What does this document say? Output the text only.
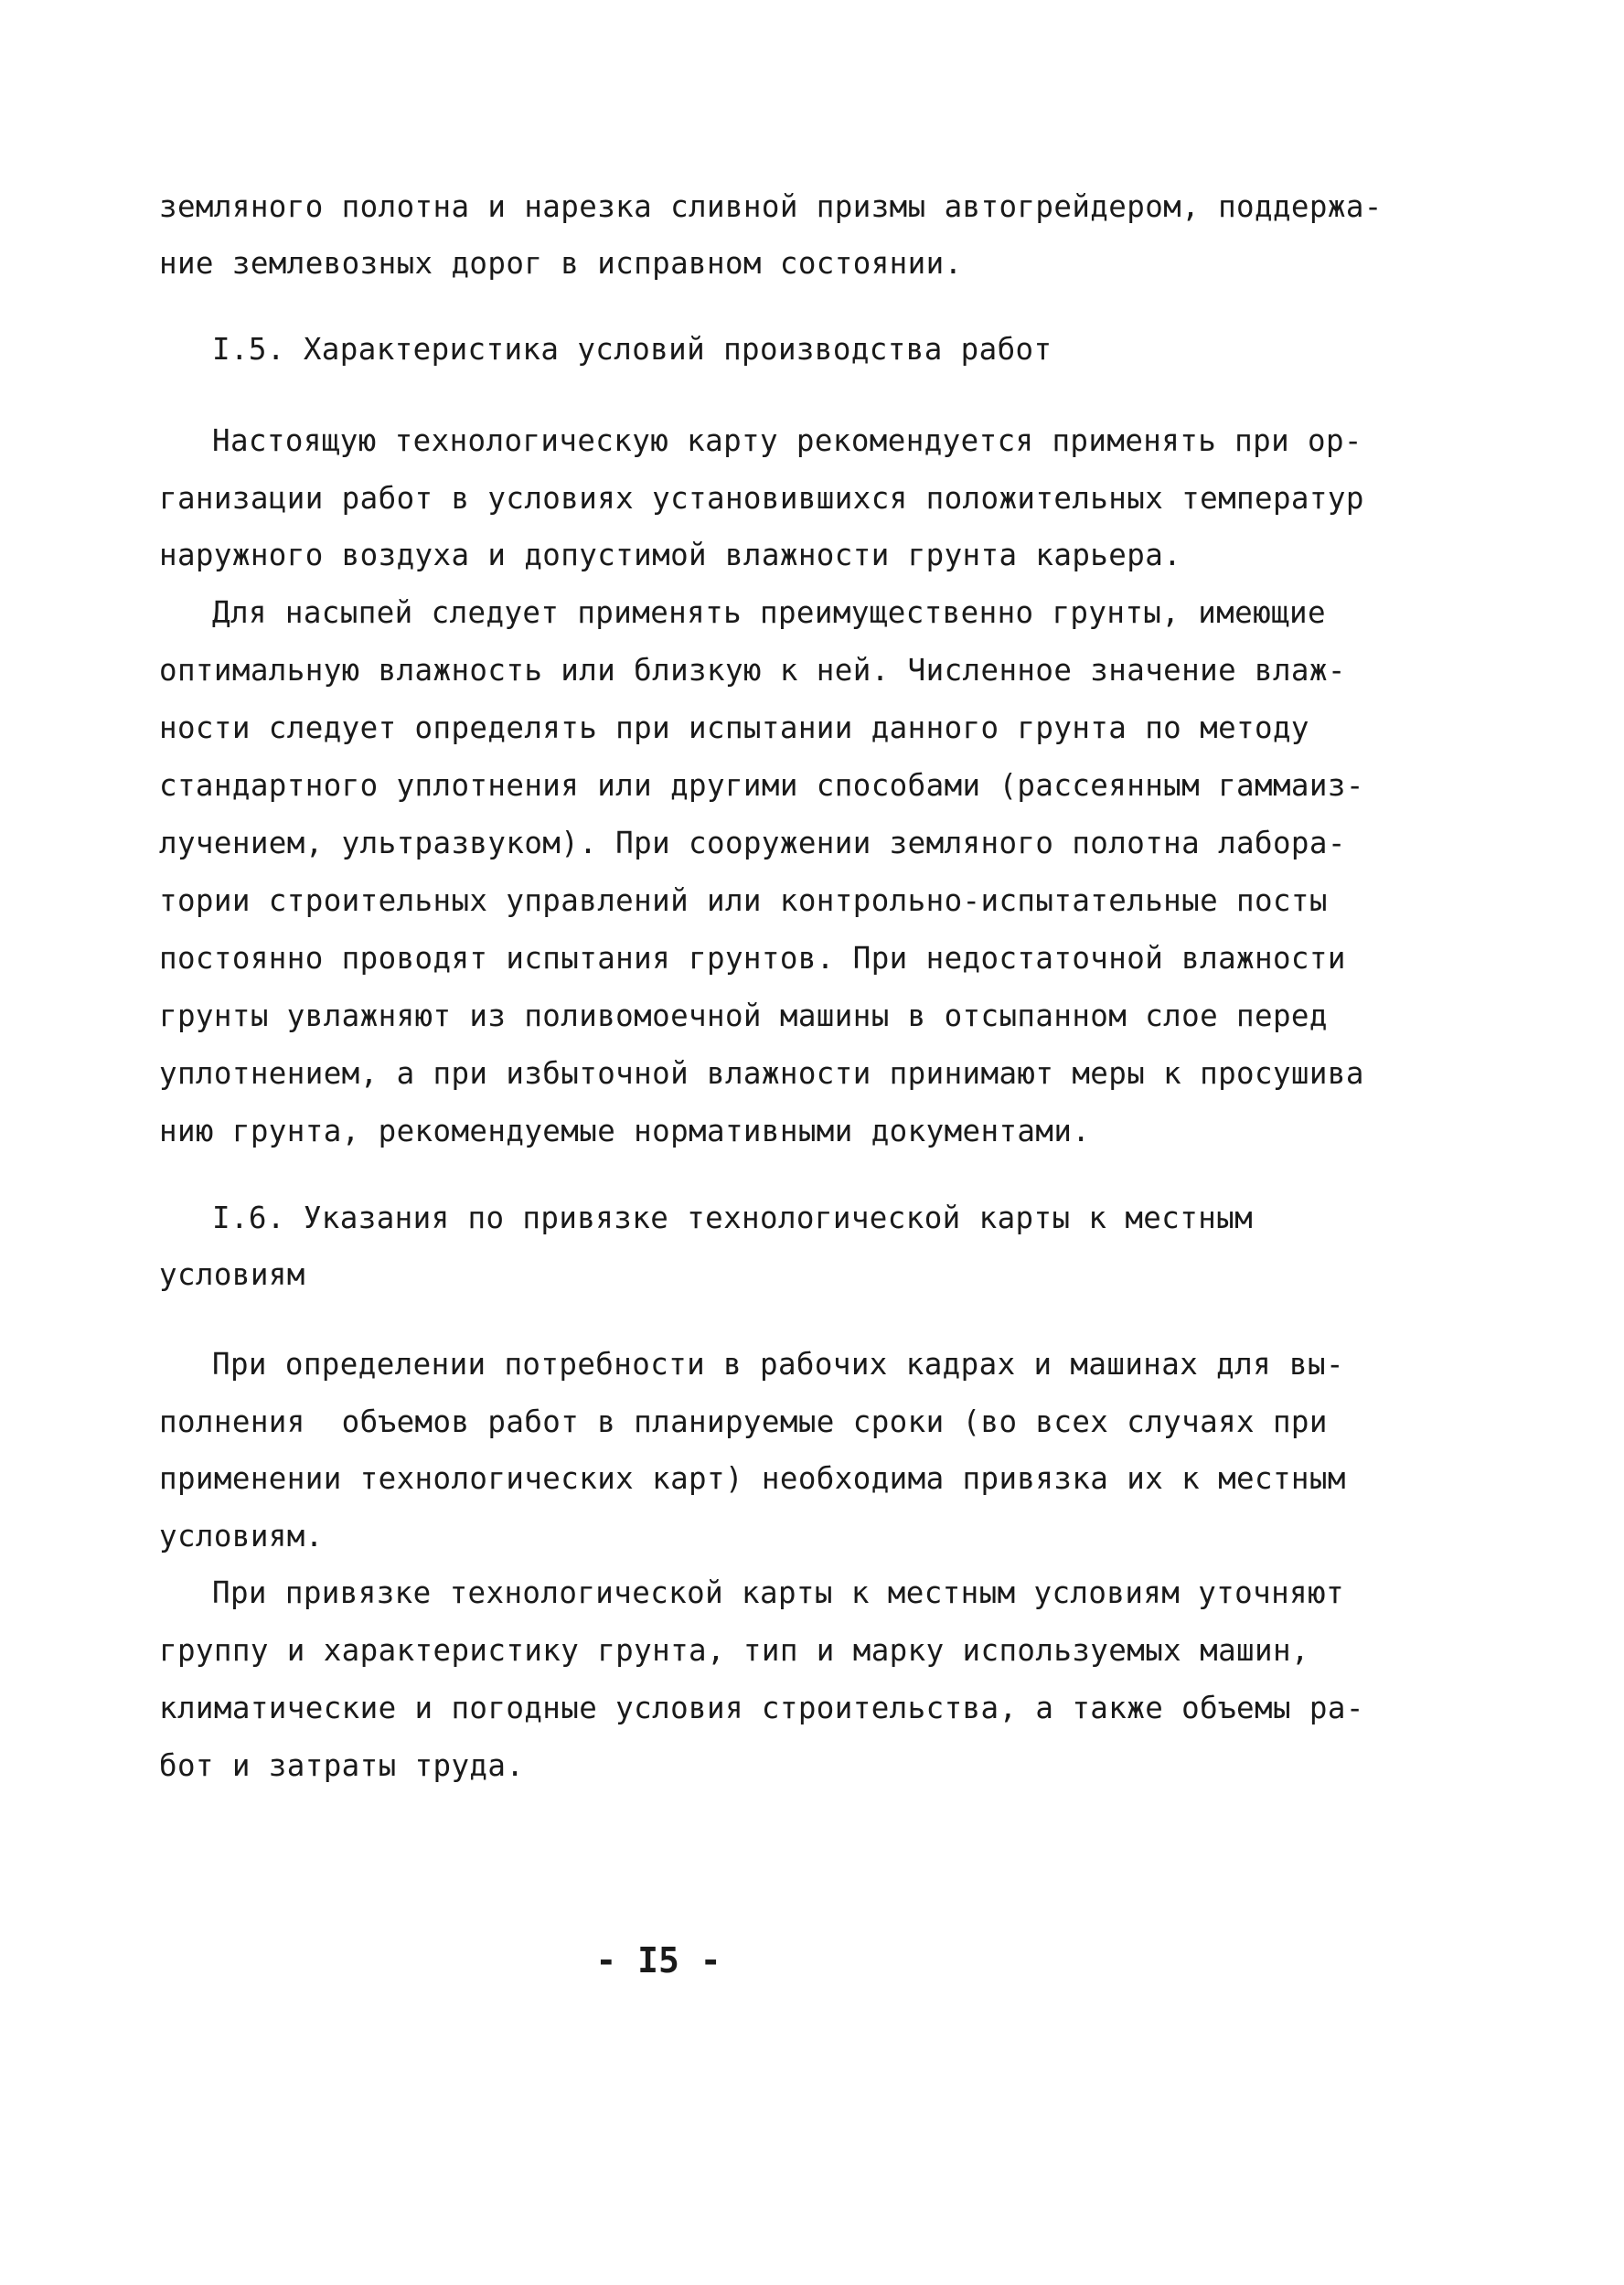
земляного полотна и нарезка сливной призмы автогрейдером, поддержа-
ние землевозных дорог в исправном состоянии.
I.5. Характеристика условий производства работ
Настоящую технологическую карту рекомендуется применять при ор-
ганизации работ в условиях установившихся положительных температур
наружного воздуха и допустимой влажности грунта карьера.
Для насыпей следует применять преимущественно грунты, имеющие
оптимальную влажность или близкую к ней. Численное значение влаж-
ности следует определять при испытании данного грунта по методу
стандартного уплотнения или другими способами (рассеянным гаммаиз-
лучением, ультразвуком). При сооружении земляного полотна лабора-
тории строительных управлений или контрольно-испытательные посты
постоянно проводят испытания грунтов. При недостаточной влажности
грунты увлажняют из поливомоечной машины в отсыпанном слое перед
уплотнением, а при избыточной влажности принимают меры к просушива
нию грунта, рекомендуемые нормативными документами.
I.6. Указания по привязке технологической карты к местным
условиям
При определении потребности в рабочих кадрах и машинах для вы-
полнения  объемов работ в планируемые сроки (во всех случаях при
применении технологических карт) необходима привязка их к местным
условиям.
При привязке технологической карты к местным условиям уточняют
группу и характеристику грунта, тип и марку используемых машин,
климатические и погодные условия строительства, а также объемы ра-
бот и затраты труда.
- I5 -
